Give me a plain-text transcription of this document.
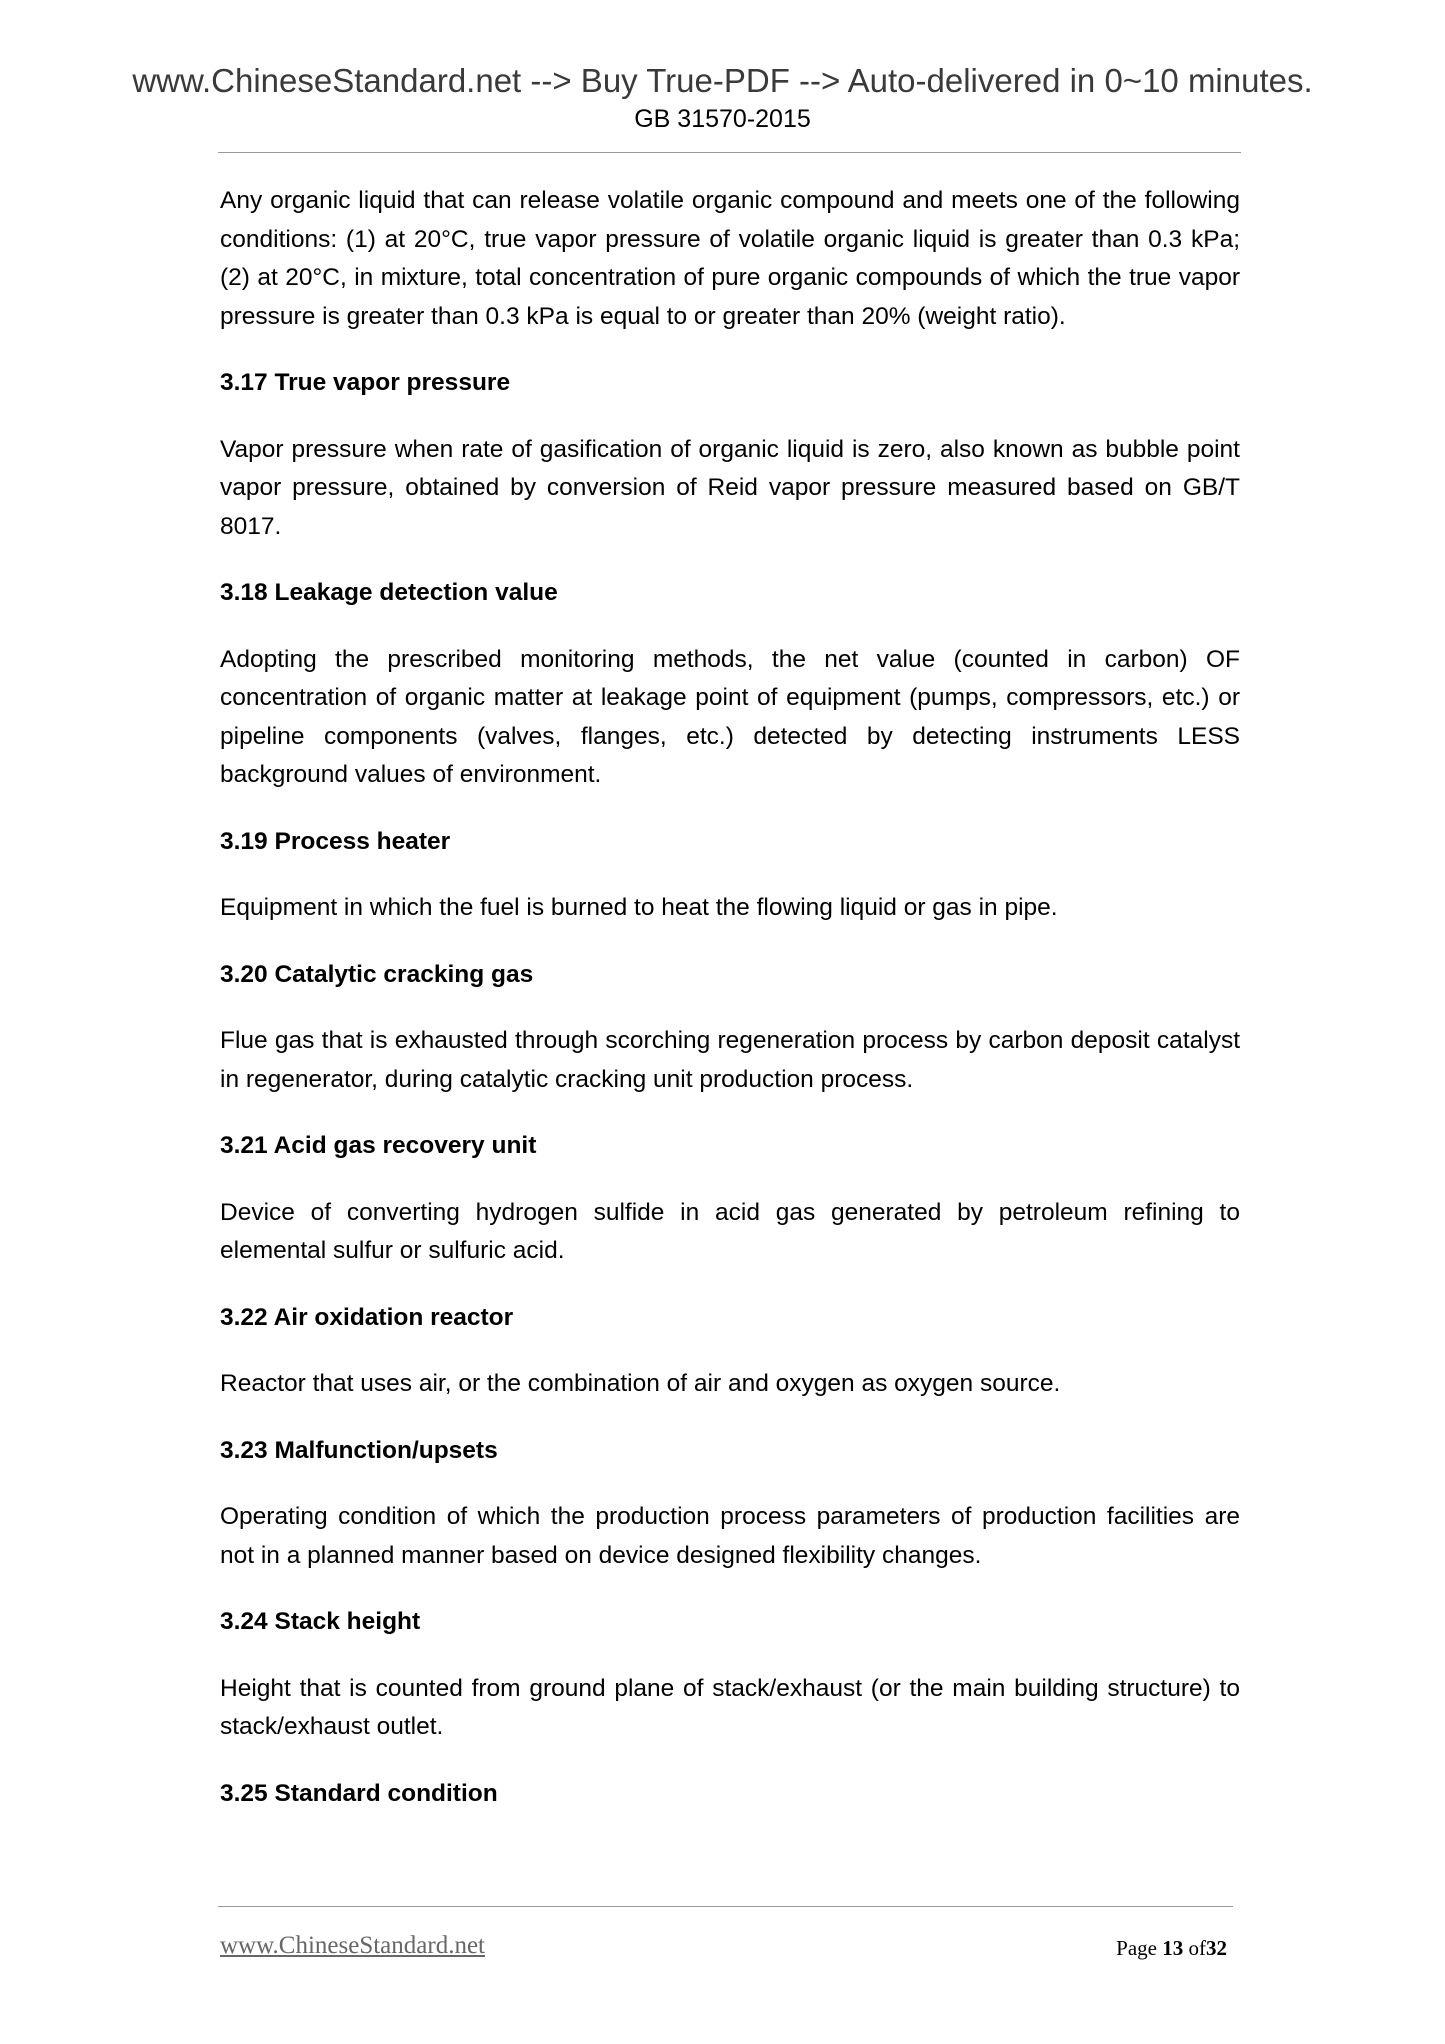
www.ChineseStandard.net --> Buy True-PDF --> Auto-delivered in 0~10 minutes.
GB 31570-2015

Any organic liquid that can release volatile organic compound and meets one of the following conditions: (1) at 20°C, true vapor pressure of volatile organic liquid is greater than 0.3 kPa; (2) at 20°C, in mixture, total concentration of pure organic compounds of which the true vapor pressure is greater than 0.3 kPa is equal to or greater than 20% (weight ratio).

3.17 True vapor pressure

Vapor pressure when rate of gasification of organic liquid is zero, also known as bubble point vapor pressure, obtained by conversion of Reid vapor pressure measured based on GB/T 8017.

3.18 Leakage detection value

Adopting the prescribed monitoring methods, the net value (counted in carbon) OF concentration of organic matter at leakage point of equipment (pumps, compressors, etc.) or pipeline components (valves, flanges, etc.) detected by detecting instruments LESS background values of environment.

3.19 Process heater

Equipment in which the fuel is burned to heat the flowing liquid or gas in pipe.

3.20 Catalytic cracking gas

Flue gas that is exhausted through scorching regeneration process by carbon deposit catalyst in regenerator, during catalytic cracking unit production process.

3.21 Acid gas recovery unit

Device of converting hydrogen sulfide in acid gas generated by petroleum refining to elemental sulfur or sulfuric acid.

3.22 Air oxidation reactor

Reactor that uses air, or the combination of air and oxygen as oxygen source.

3.23 Malfunction/upsets

Operating condition of which the production process parameters of production facilities are not in a planned manner based on device designed flexibility changes.

3.24 Stack height

Height that is counted from ground plane of stack/exhaust (or the main building structure) to stack/exhaust outlet.

3.25 Standard condition

www.ChineseStandard.net	Page 13 of32
